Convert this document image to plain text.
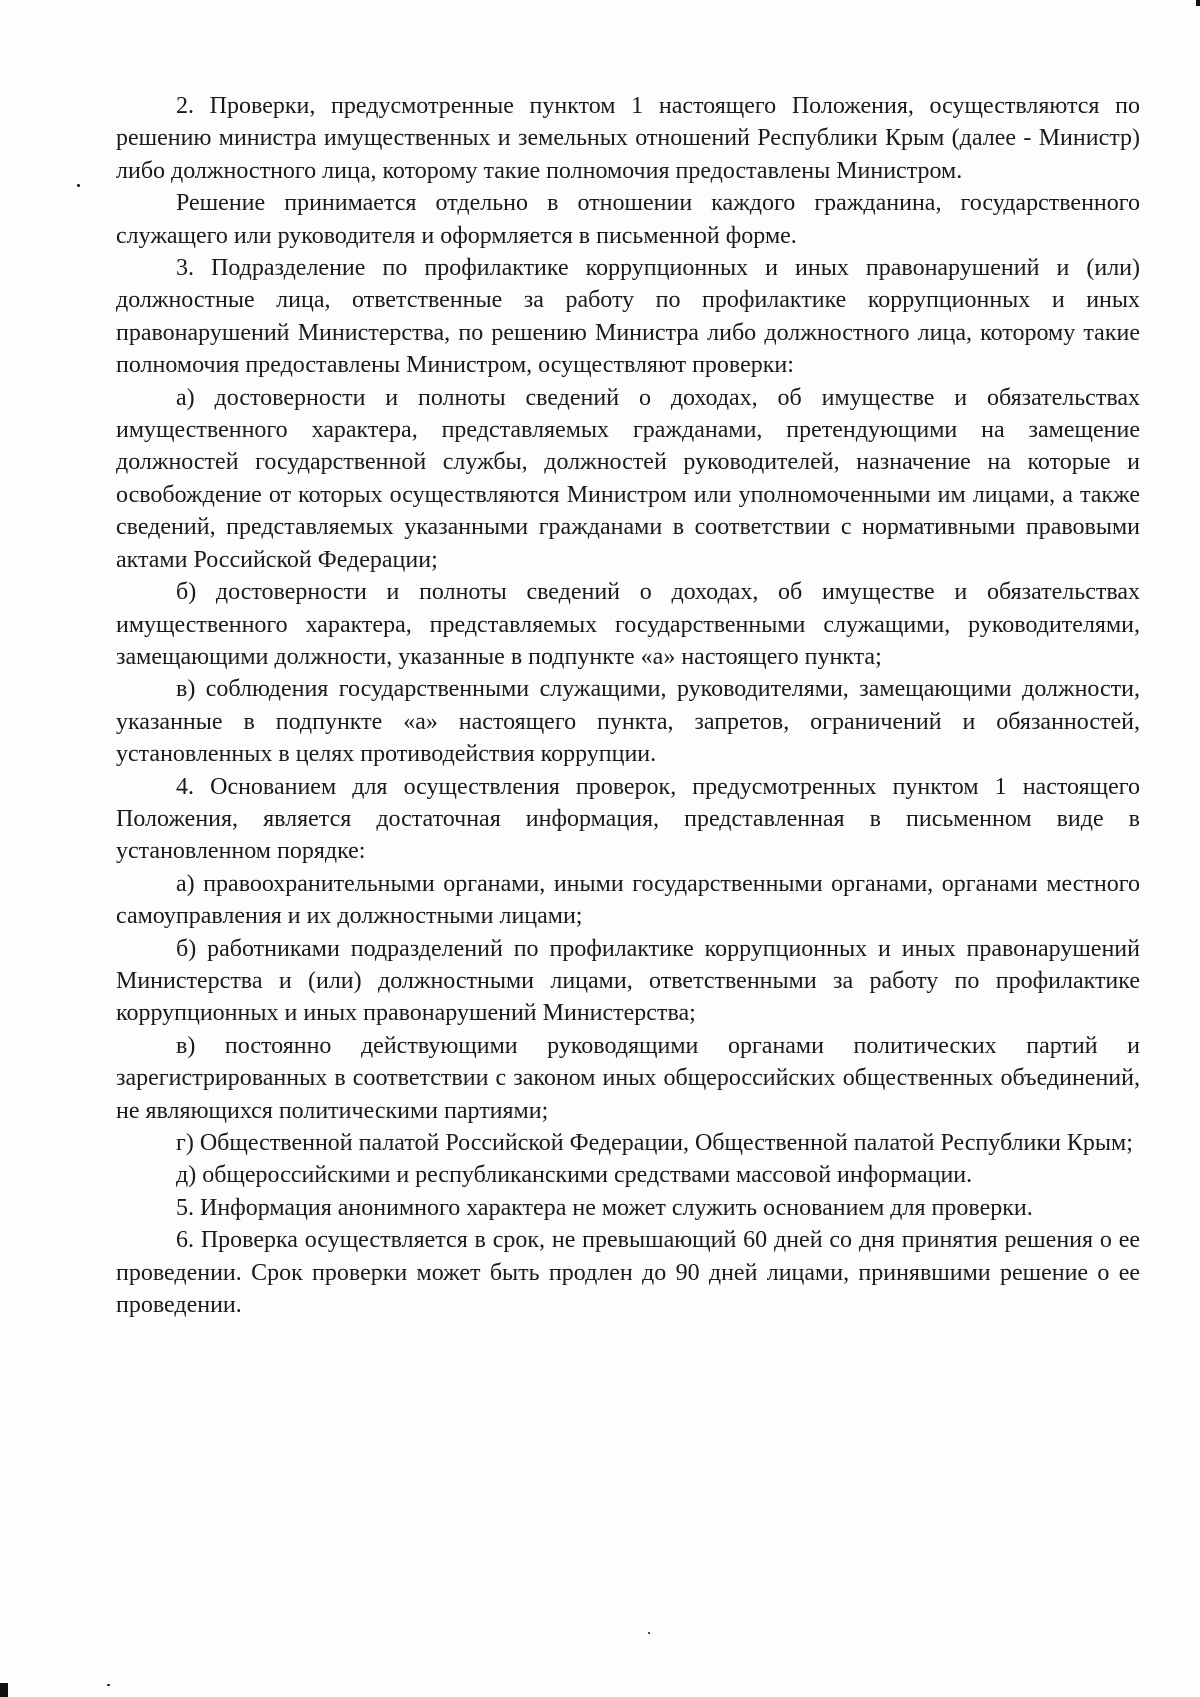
2. Проверки, предусмотренные пунктом 1 настоящего Положения, осуществляются по решению министра имущественных и земельных отношений Республики Крым (далее - Министр) либо должностного лица, которому такие полномочия предоставлены Министром.

Решение принимается отдельно в отношении каждого гражданина, государственного служащего или руководителя и оформляется в письменной форме.

3. Подразделение по профилактике коррупционных и иных правонарушений и (или) должностные лица, ответственные за работу по профилактике коррупционных и иных правонарушений Министерства, по решению Министра либо должностного лица, которому такие полномочия предоставлены Министром, осуществляют проверки:

а) достоверности и полноты сведений о доходах, об имуществе и обязательствах имущественного характера, представляемых гражданами, претендующими на замещение должностей государственной службы, должностей руководителей, назначение на которые и освобождение от которых осуществляются Министром или уполномоченными им лицами, а также сведений, представляемых указанными гражданами в соответствии с нормативными правовыми актами Российской Федерации;

б) достоверности и полноты сведений о доходах, об имуществе и обязательствах имущественного характера, представляемых государственными служащими, руководителями, замещающими должности, указанные в подпункте «а» настоящего пункта;

в) соблюдения государственными служащими, руководителями, замещающими должности, указанные в подпункте «а» настоящего пункта, запретов, ограничений и обязанностей, установленных в целях противодействия коррупции.

4. Основанием для осуществления проверок, предусмотренных пунктом 1 настоящего Положения, является достаточная информация, представленная в письменном виде в установленном порядке:

а) правоохранительными органами, иными государственными органами, органами местного самоуправления и их должностными лицами;

б) работниками подразделений по профилактике коррупционных и иных правонарушений Министерства и (или) должностными лицами, ответственными за работу по профилактике коррупционных и иных правонарушений Министерства;

в) постоянно действующими руководящими органами политических партий и зарегистрированных в соответствии с законом иных общероссийских общественных объединений, не являющихся политическими партиями;

г) Общественной палатой Российской Федерации, Общественной палатой Республики Крым;

д) общероссийскими и республиканскими средствами массовой информации.

5. Информация анонимного характера не может служить основанием для проверки.

6. Проверка осуществляется в срок, не превышающий 60 дней со дня принятия решения о ее проведении. Срок проверки может быть продлен до 90 дней лицами, принявшими решение о ее проведении.
